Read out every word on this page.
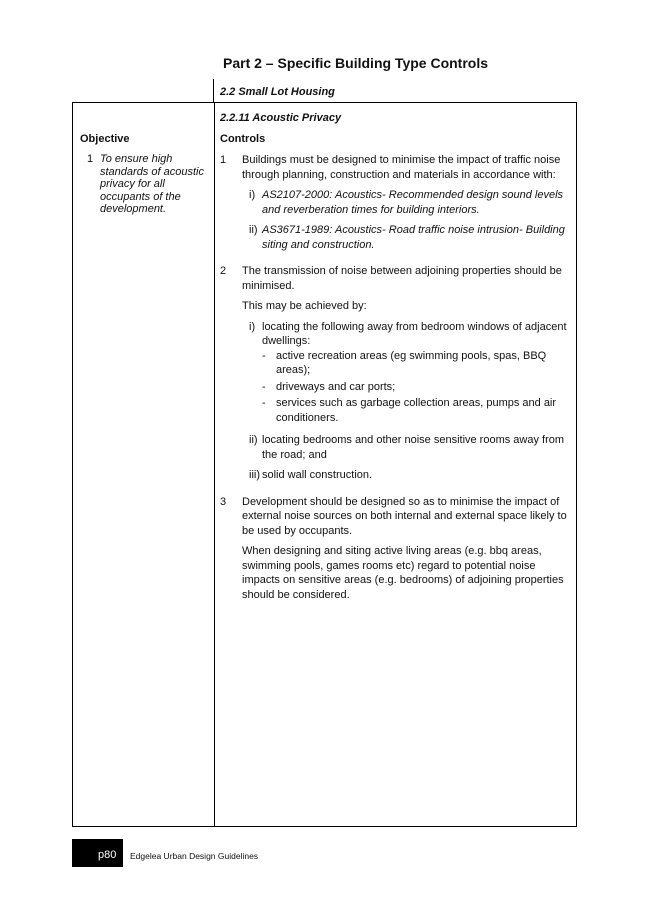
Part 2 – Specific Building Type Controls
2.2 Small Lot Housing
2.2.11 Acoustic Privacy
Objective	Controls
1 To ensure high standards of acoustic privacy for all occupants of the development.
1	Buildings must be designed to minimise the impact of traffic noise through planning, construction and materials in accordance with:

i) AS2107-2000: Acoustics- Recommended design sound levels and reverberation times for building interiors.
ii) AS3671-1989: Acoustics- Road traffic noise intrusion- Building siting and construction.
2	The transmission of noise between adjoining properties should be minimised.

This may be achieved by:

i) locating the following away from bedroom windows of adjacent dwellings:
- active recreation areas (eg swimming pools, spas, BBQ areas);
- driveways and car ports;
- services such as garbage collection areas, pumps and air conditioners.
ii) locating bedrooms and other noise sensitive rooms away from the road; and
iii) solid wall construction.
3	Development should be designed so as to minimise the impact of external noise sources on both internal and external space likely to be used by occupants.

When designing and siting active living areas (e.g. bbq areas, swimming pools, games rooms etc) regard to potential noise impacts on sensitive areas (e.g. bedrooms) of adjoining properties should be considered.

p80 Edgelea Urban Design Guidelines
